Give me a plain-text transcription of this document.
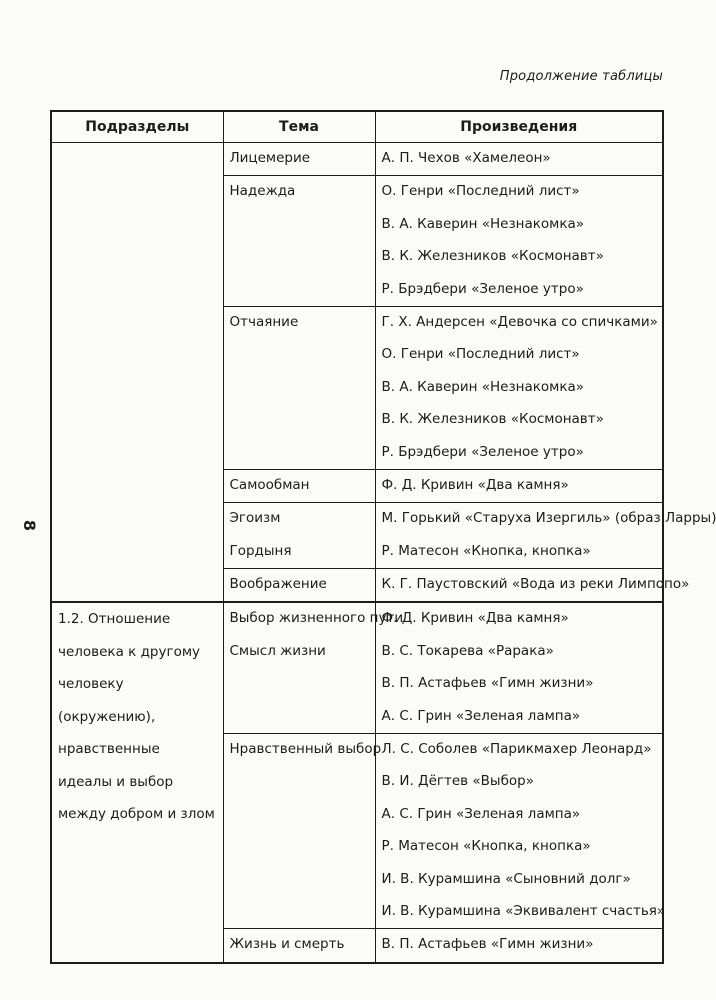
Продолжение таблицы
8
Подразделы	Тема	Произведения
	Лицемерие	А. П. Чехов «Хамелеон»
	Надежда	О. Генри «Последний лист»
		В. А. Каверин «Незнакомка»
		В. К. Железников «Космонавт»
		Р. Брэдбери «Зеленое утро»
	Отчаяние	Г. Х. Андерсен «Девочка со спичками»
		О. Генри «Последний лист»
		В. А. Каверин «Незнакомка»
		В. К. Железников «Космонавт»
		Р. Брэдбери «Зеленое утро»
	Самообман	Ф. Д. Кривин «Два камня»
	Эгоизм	М. Горький «Старуха Изергиль» (образ Ларры)
	Гордыня	Р. Матесон «Кнопка, кнопка»
	Воображение	К. Г. Паустовский «Вода из реки Лимпопо»
1.2. Отношение человека к другому человеку (окружению), нравственные идеалы и выбор между добром и злом	Выбор жизненного пути	Ф. Д. Кривин «Два камня»
	Смысл жизни	В. С. Токарева «Рарака»
		В. П. Астафьев «Гимн жизни»
		А. С. Грин «Зеленая лампа»
	Нравственный выбор	Л. С. Соболев «Парикмахер Леонард»
		В. И. Дёгтев «Выбор»
		А. С. Грин «Зеленая лампа»
		Р. Матесон «Кнопка, кнопка»
		И. В. Курамшина «Сыновний долг»
		И. В. Курамшина «Эквивалент счастья»
	Жизнь и смерть	В. П. Астафьев «Гимн жизни»
